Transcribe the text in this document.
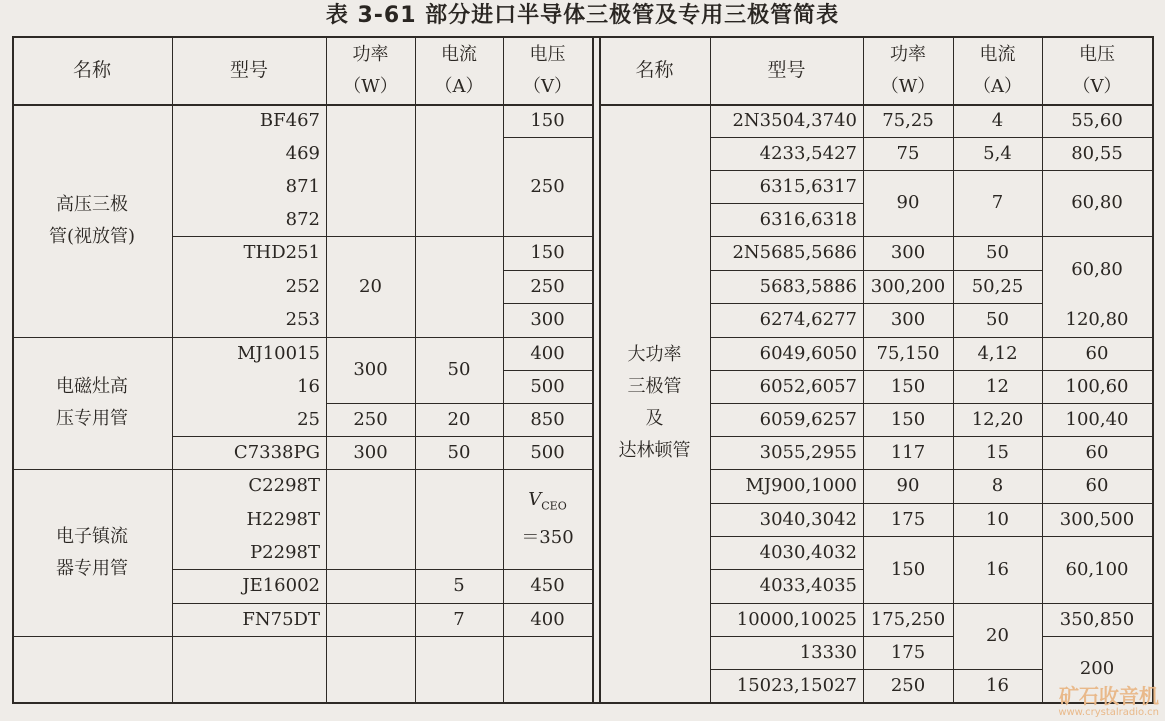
表 3-61 部分进口半导体三极管及专用三极管简表
名称	型号
功率
（W）
电流
（A）
电压
（V）
名称	型号
功率
（W）
电流
（A）
电压
（V）
高压三极
管(视放管)
电磁灶高
压专用管
电子镇流
器专用管
BF467
469
871
872
THD251
252
253
MJ10015
16
25
C7338PG
C2298T
H2298T
P2298T
JE16002
FN75DT
20
300
250
300
50
20
50
5
7
150
250
150
250
300
400
500
850
500
$V_{CEO}$
＝350
450
400
大功率
三极管
及
达林顿管
2N3504,3740
4233,5427
6315,6317
6316,6318
2N5685,5686
5683,5886
6274,6277
6049,6050
6052,6057
6059,6257
3055,2955
MJ900,1000
3040,3042
4030,4032
4033,4035
10000,10025
13330
15023,15027
75,25
75
90
300
300,200
300
75,150
150
150
117
90
175
150
175,250
175
250
4
5,4
7
50
50,25
50
4,12
12
12,20
15
8
10
16
20
16
55,60
80,55
60,80
60,80
120,80
60
100,60
100,40
60
60
300,500
60,100
350,850
200
矿石收音机
www.crystalradio.cn
